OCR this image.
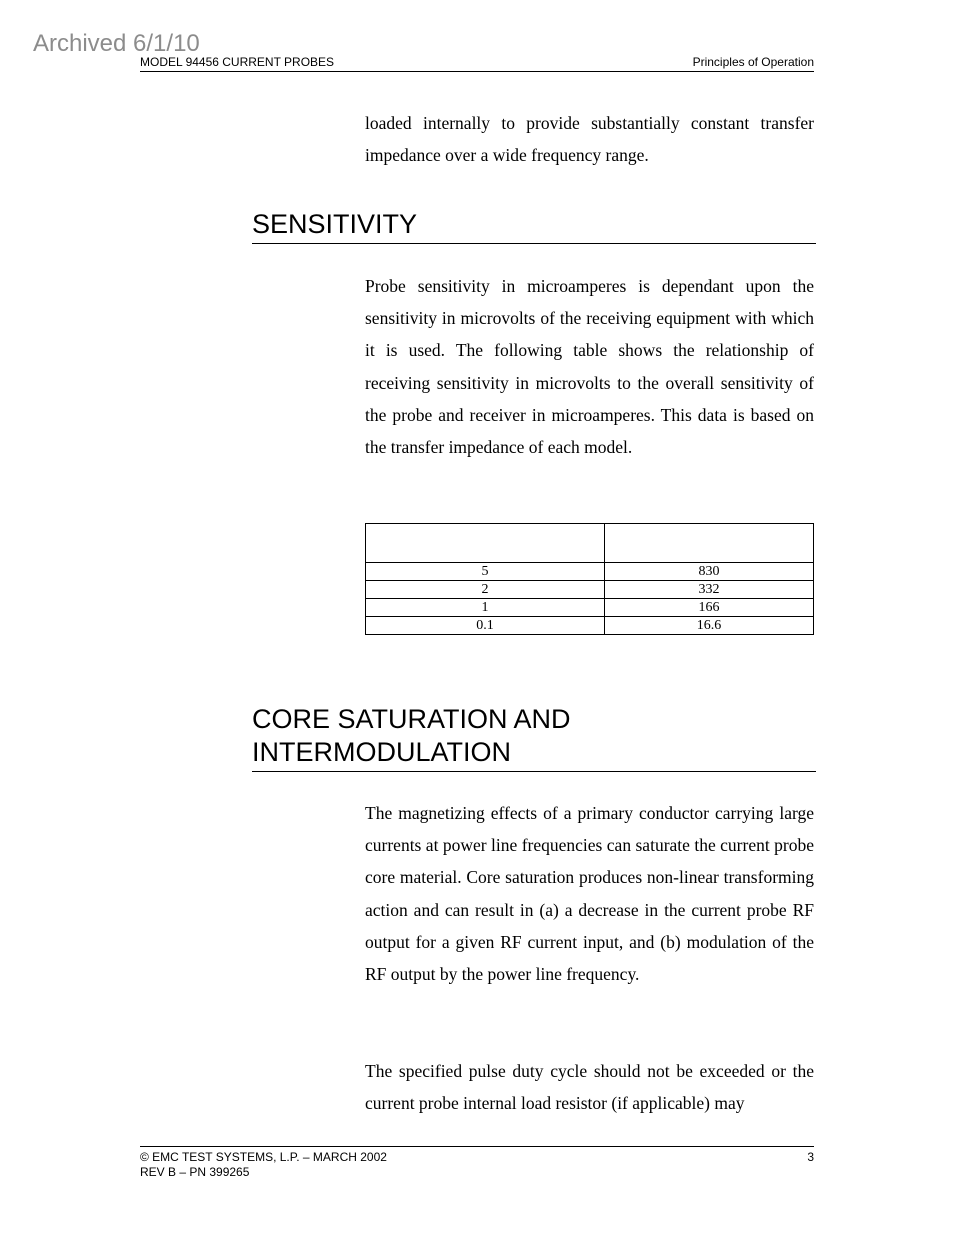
Archived 6/1/10
MODEL 94456 CURRENT PROBES	Principles of Operation
loaded internally to provide substantially constant transfer impedance over a wide frequency range.
SENSITIVITY
Probe sensitivity in microamperes is dependant upon the sensitivity in microvolts of the receiving equipment with which it is used. The following table shows the relationship of receiving sensitivity in microvolts to the overall sensitivity of the probe and receiver in microamperes. This data is based on the transfer impedance of each model.

5	830
2	332
1	166
0.1	16.6
CORE SATURATION AND
INTERMODULATION
The magnetizing effects of a primary conductor carrying large currents at power line frequencies can saturate the current probe core material. Core saturation produces non-linear transforming action and can result in (a) a decrease in the current probe RF output for a given RF current input, and (b) modulation of the RF output by the power line frequency.
The specified pulse duty cycle should not be exceeded or the current probe internal load resistor (if applicable) may
© EMC TEST SYSTEMS, L.P. – MARCH 2002	3
REV B – PN 399265
